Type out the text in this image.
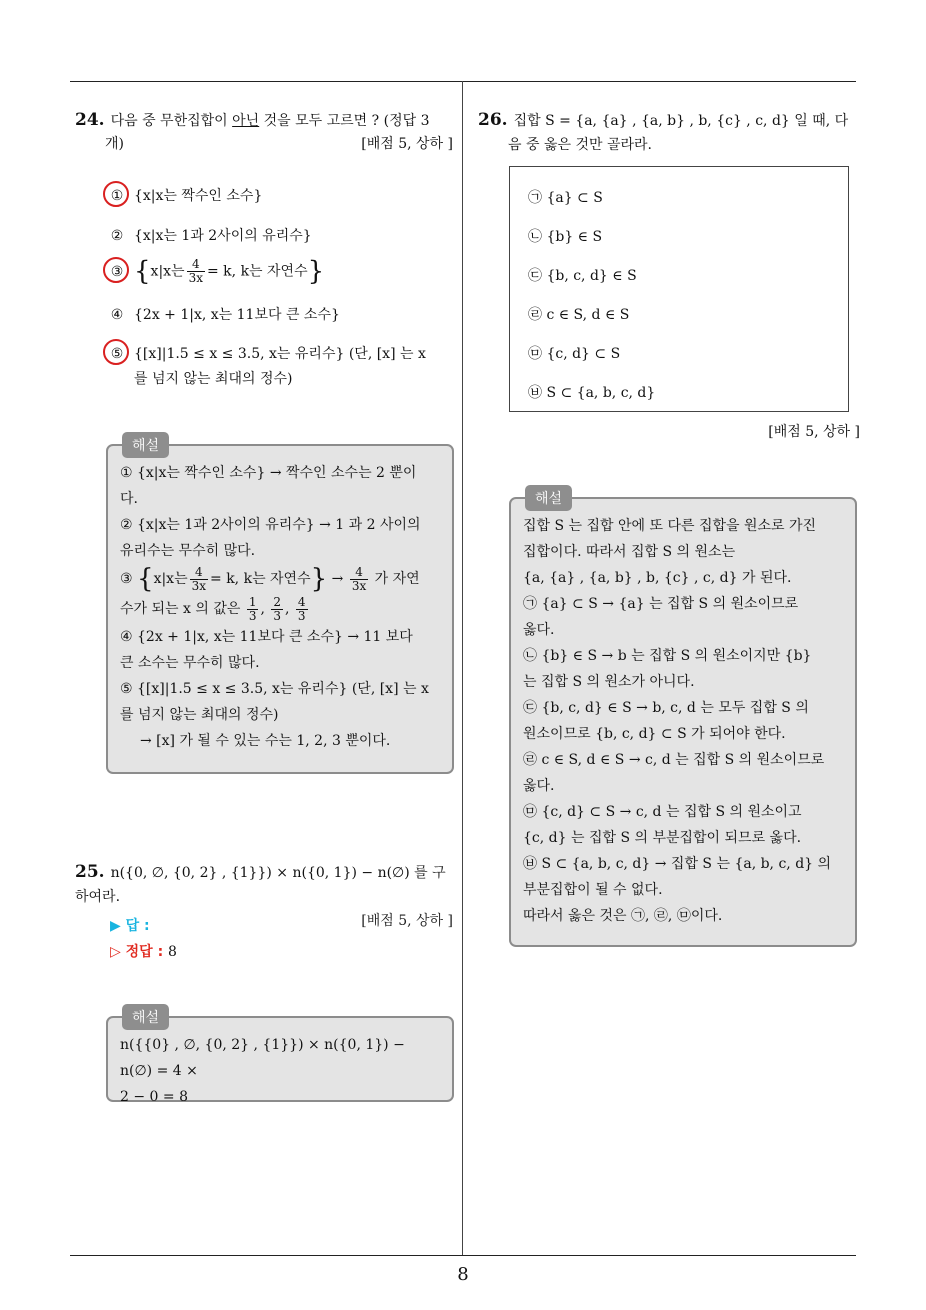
8
24. 다음 중 무한집합이 아닌 것을 모두 고르면 ? (정답 3
개)	[배점 5, 상하 ]
① {x|x는 짝수인 소수}
② {x|x는 1과 2사이의 유리수}
③ {x|x는 $\frac{4}{3x} = k$, k는 자연수}
④ {2x + 1|x, x는 11보다 큰 소수}
⑤ {[x]|1.5 ≤ x ≤ 3.5, x는 유리수} (단, [x] 는 x
를 넘지 않는 최대의 정수)
해설
① {x|x는 짝수인 소수} → 짝수인 소수는 2 뿐이
다.
② {x|x는 1과 2사이의 유리수} → 1 과 2 사이의
유리수는 무수히 많다.
③ {x|x는 $\frac{4}{3x} = k$, k는 자연수} → $\frac{4}{3x}$ 가 자연
수가 되는 x 의 값은 $\frac{1}{3}$ , $\frac{2}{3}$ , $\frac{4}{3}$
④ {2x + 1|x, x는 11보다 큰 소수} → 11 보다
큰 소수는 무수히 많다.
⑤ {[x]|1.5 ≤ x ≤ 3.5, x는 유리수} (단, [x] 는 x
를 넘지 않는 최대의 정수)
→ [x] 가 될 수 있는 수는 1, 2, 3 뿐이다.
25. n({0, ∅, {0, 2} , {1}}) × n({0, 1}) − n(∅) 를 구하여라.
[배점 5, 상하 ]
▶ 답 :
▷ 정답 : 8
해설
n({{0} , ∅, {0, 2} , {1}}) × n({0, 1}) − n(∅) = 4 ×
2 − 0 = 8
26. 집합 S = {a, {a} , {a, b} , b, {c} , c, d} 일 때, 다
음 중 옳은 것만 골라라.
㉠ {a} ⊂ S
㉡ {b} ∈ S
㉢ {b, c, d} ∈ S
㉣ c ∈ S, d ∈ S
㉤ {c, d} ⊂ S
㉥ S ⊂ {a, b, c, d}
[배점 5, 상하 ]
해설
집합 S 는 집합 안에 또 다른 집합을 원소로 가진
집합이다. 따라서 집합 S 의 원소는
{a, {a} , {a, b} , b, {c} , c, d} 가 된다.
㉠ {a} ⊂ S → {a} 는 집합 S 의 원소이므로
옳다.
㉡ {b} ∈ S → b 는 집합 S 의 원소이지만 {b}
는 집합 S 의 원소가 아니다.
㉢ {b, c, d} ∈ S → b, c, d 는 모두 집합 S 의
원소이므로 {b, c, d} ⊂ S 가 되어야 한다.
㉣ c ∈ S, d ∈ S → c, d 는 집합 S 의 원소이므로
옳다.
㉤ {c, d} ⊂ S → c, d 는 집합 S 의 원소이고
{c, d} 는 집합 S 의 부분집합이 되므로 옳다.
㉥ S ⊂ {a, b, c, d} → 집합 S 는 {a, b, c, d} 의
부분집합이 될 수 없다.
따라서 옳은 것은 ㉠, ㉣, ㉤이다.
